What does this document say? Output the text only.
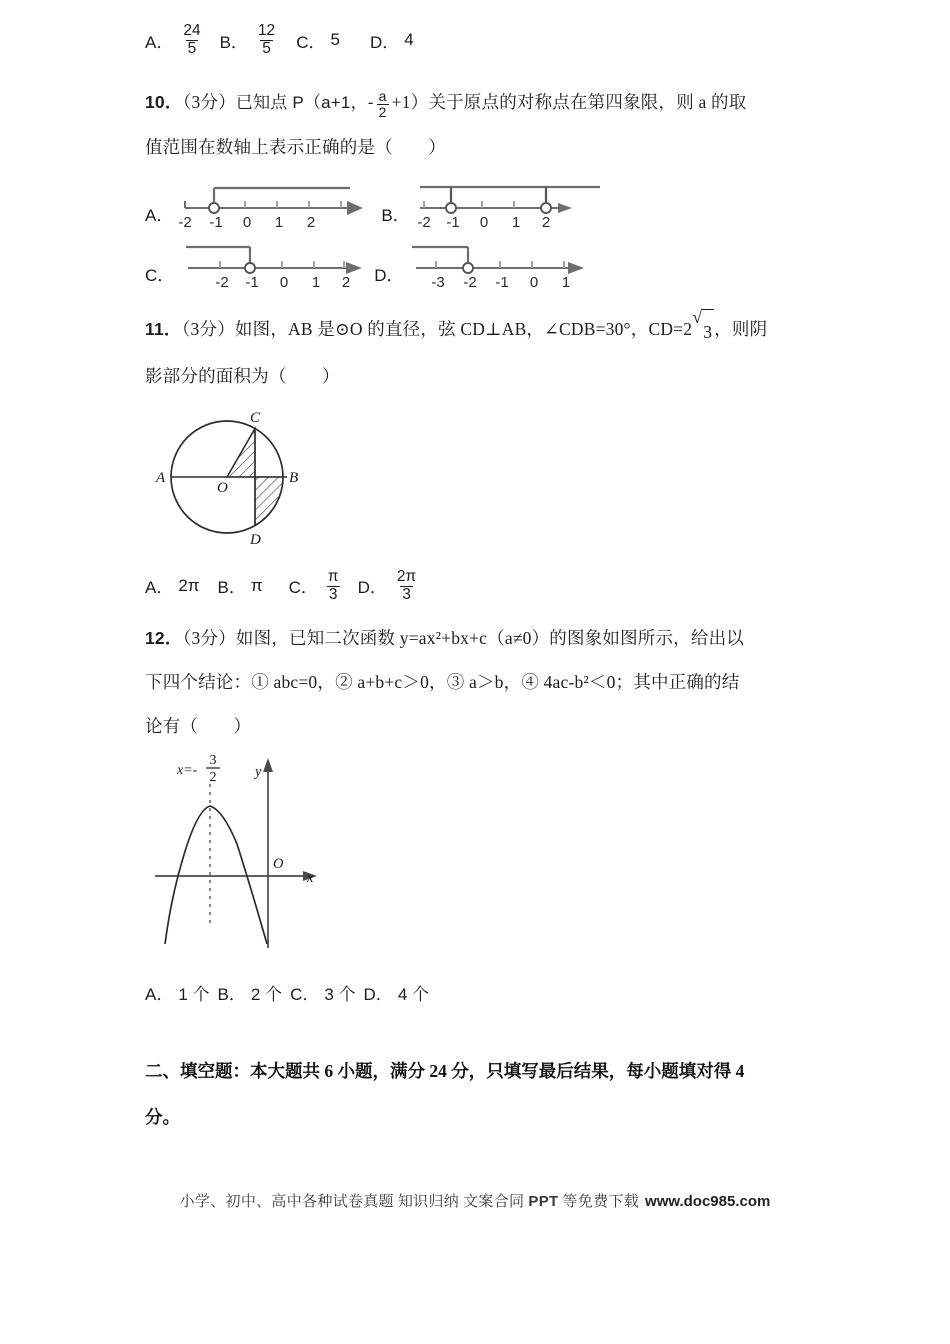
A． $\frac{24}{5}$ B． $\frac{12}{5}$ C． 5 D． 4
10．（3分）已知点 P（a+1，- $\frac{a}{2} +1$）关于原点的对称点在第四象限，则 a 的取
值范围在数轴上表示正确的是（　　）
A． -2 -1 0 1 2	B． -2 -1 0 1 2
C．	-2 -1 0 1 2 D． -3 -2 -1 0 1
11．（3分）如图，AB 是⊙O 的直径，弦 CD⊥AB，∠CDB=30°，CD=2
√
3 ，则阴
影部分的面积为（　　）
A	B
C
D
O
A． 2π B． π C． $\frac{\pi}{3}$ D． $\frac{2\pi}{3}$
12．（3分）如图，已知二次函数 y=ax²+bx+c（a≠0）的图象如图所示，给出以
下四个结论：① abc=0，② a+b+c＞0，③ a＞b，④ 4ac‐b²＜0；其中正确的结
论有（　　）
x
y
O
x=-
3
2
A． 1 个 B． 2 个 C． 3 个 D． 4 个
二、填空题：本大题共 6 小题，满分 24 分，只填写最后结果，每小题填对得 4
分。
小学、初中、高中各种试卷真题 知识归纳 文案合同 PPT 等免费下载 www.doc985.com
